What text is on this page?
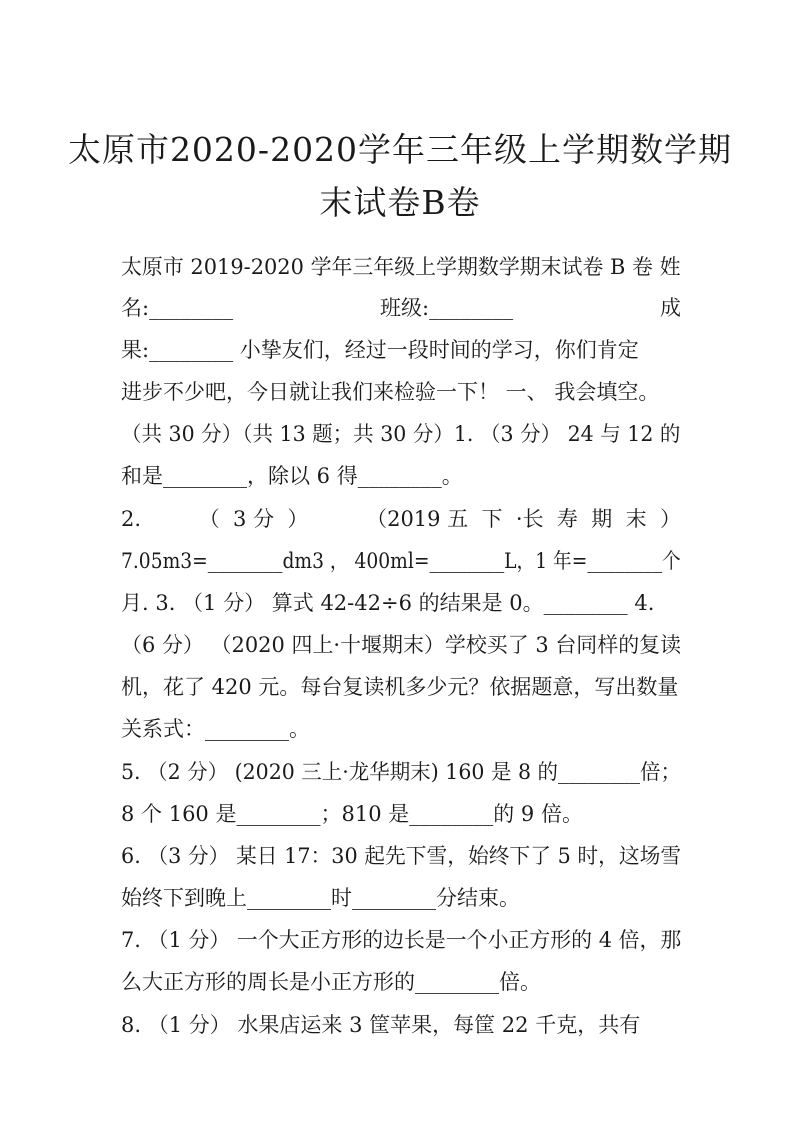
太原市2020-2020学年三年级上学期数学期
末试卷B卷
太原市 2019-2020 学年三年级上学期数学期末试卷 B 卷 姓
名:________	班级:________	成
果:________ 小挚友们，经过一段时间的学习，你们肯定
进步不少吧，今日就让我们来检验一下！ 一、 我会填空。
（共 30 分）（共 13 题；共 30 分）1. （3 分） 24 与 12 的
和是________，除以 6 得________。
2.	（  3 分  ）	（2019 五  下  ·长  寿  期  末  ）
7.05m3=________dm3 ， 400ml=________L，1 年=________个
月. 3. （1 分） 算式 42-42÷6 的结果是 0。________ 4.
（6 分） （2020 四上·十堰期末）学校买了 3 台同样的复读
机，花了 420 元。每台复读机多少元？依据题意，写出数量
关系式：________。
5. （2 分） (2020 三上·龙华期末) 160 是 8 的________倍；
8 个 160 是________；810 是________的 9 倍。
6. （3 分） 某日 17：30 起先下雪，始终下了 5 时，这场雪
始终下到晚上________时________分结束。
7. （1 分） 一个大正方形的边长是一个小正方形的 4 倍，那
么大正方形的周长是小正方形的________倍。
8. （1 分） 水果店运来 3 筐苹果，每筐 22 千克，共有
